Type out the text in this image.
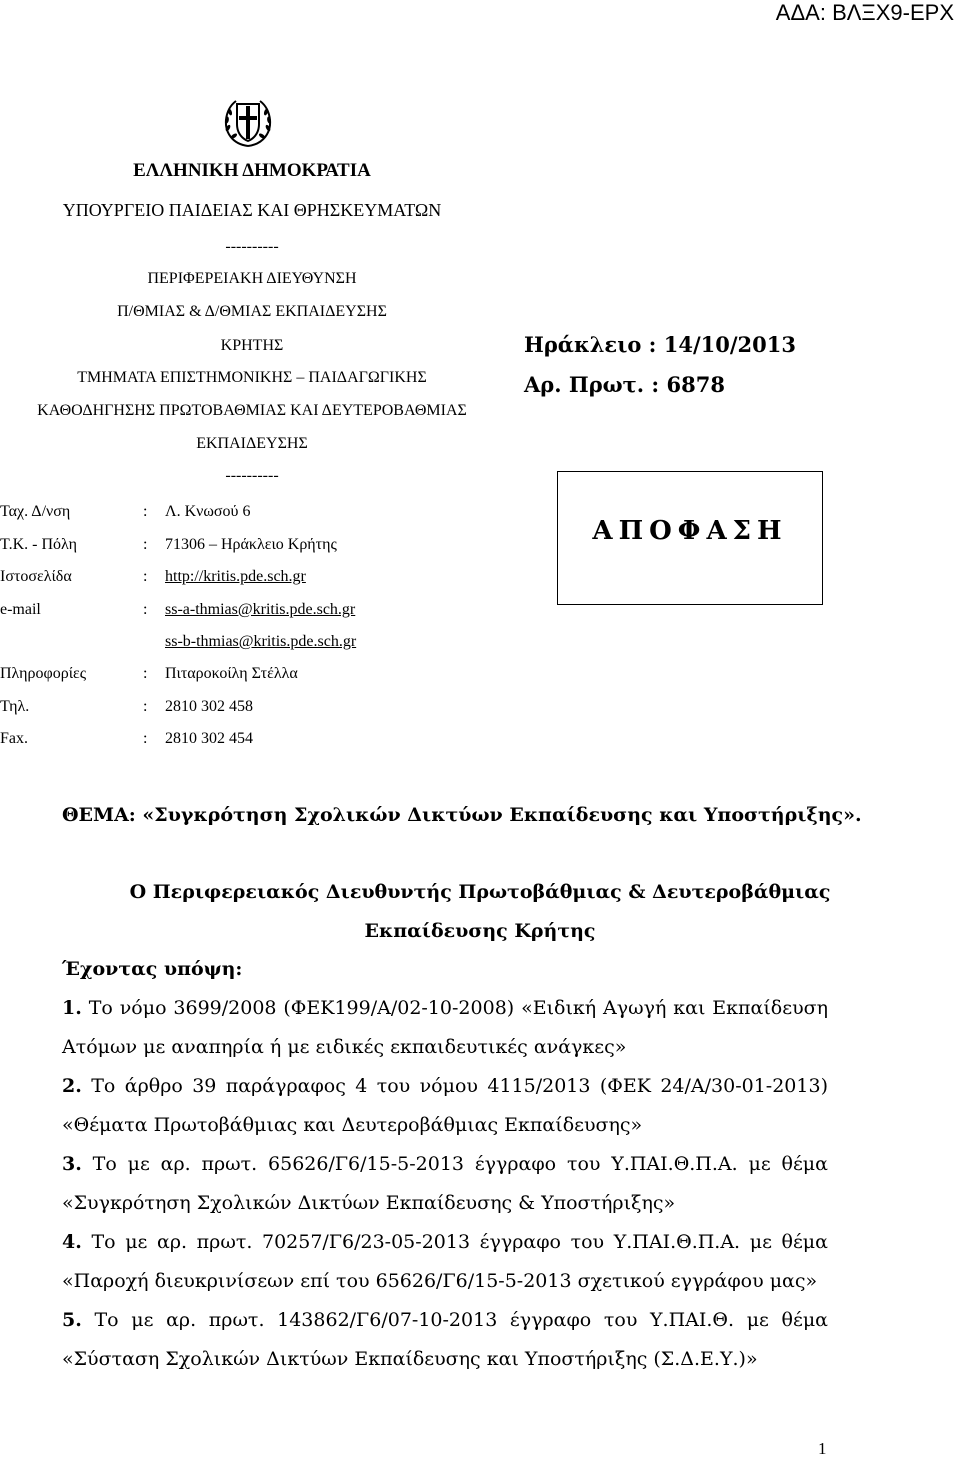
ΑΔΑ: ΒΛΞΧ9-ΕΡΧ
ΕΛΛΗΝΙΚΗ ΔΗΜΟΚΡΑΤΙΑ
ΥΠΟΥΡΓΕΙΟ ΠΑΙΔΕΙΑΣ ΚΑΙ ΘΡΗΣΚΕΥΜΑΤΩΝ
----------
ΠΕΡΙΦΕΡΕΙΑΚΗ ΔΙΕΥΘΥΝΣΗ
Π/ΘΜΙΑΣ & Δ/ΘΜΙΑΣ ΕΚΠΑΙΔΕΥΣΗΣ
ΚΡΗΤΗΣ
ΤΜΗΜΑΤΑ ΕΠΙΣΤΗΜΟΝΙΚΗΣ – ΠΑΙΔΑΓΩΓΙΚΗΣ
ΚΑΘΟΔΗΓΗΣΗΣ ΠΡΩΤΟΒΑΘΜΙΑΣ ΚΑΙ ΔΕΥΤΕΡΟΒΑΘΜΙΑΣ
ΕΚΠΑΙΔΕΥΣΗΣ
----------
Ταχ. Δ/νση	: Λ. Κνωσού 6
Τ.Κ. - Πόλη	: 71306 – Ηράκλειο Κρήτης
Ιστοσελίδα	: http://kritis.pde.sch.gr
e-mail	: ss-a-thmias@kritis.pde.sch.gr
ss-b-thmias@kritis.pde.sch.gr
Πληροφορίες	: Πιταροκοίλη Στέλλα
Τηλ.	: 2810 302 458
Fax.	: 2810 302 454
Ηράκλειο : 14/10/2013
Αρ. Πρωτ. : 6878
ΑΠΟΦΑΣΗ
ΘΕΜΑ: «Συγκρότηση Σχολικών Δικτύων Εκπαίδευσης και Υποστήριξης».
Ο Περιφερειακός Διευθυντής Πρωτοβάθμιας & Δευτεροβάθμιας
Εκπαίδευσης Κρήτης
Έχοντας υπόψη:
1. Το νόμο 3699/2008 (ΦΕΚ199/Α/02-10-2008) «Ειδική Αγωγή και Εκπαίδευση
Ατόμων με αναπηρία ή με ειδικές εκπαιδευτικές ανάγκες»
2. Το άρθρο 39 παράγραφος 4 του νόμου 4115/2013 (ΦΕΚ 24/Α/30-01-2013)
«Θέματα Πρωτοβάθμιας και Δευτεροβάθμιας Εκπαίδευσης»
3. Το με αρ. πρωτ. 65626/Γ6/15-5-2013 έγγραφο του Υ.ΠΑΙ.Θ.Π.Α. με θέμα
«Συγκρότηση Σχολικών Δικτύων Εκπαίδευσης & Υποστήριξης»
4. Το με αρ. πρωτ. 70257/Γ6/23-05-2013 έγγραφο του Υ.ΠΑΙ.Θ.Π.Α. με θέμα
«Παροχή διευκρινίσεων επί του 65626/Γ6/15-5-2013 σχετικού εγγράφου μας»
5. Το με αρ. πρωτ. 143862/Γ6/07-10-2013 έγγραφο του Υ.ΠΑΙ.Θ. με θέμα
«Σύσταση Σχολικών Δικτύων Εκπαίδευσης και Υποστήριξης (Σ.Δ.Ε.Υ.)»
1
